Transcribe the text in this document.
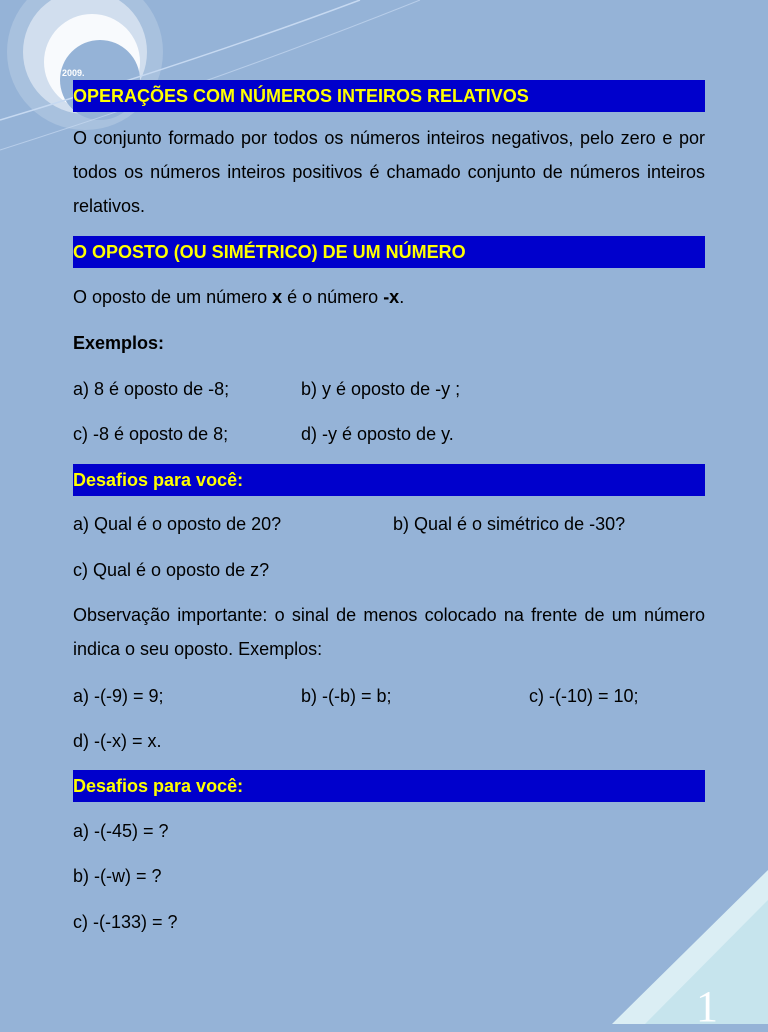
2009.
OPERAÇÕES COM NÚMEROS INTEIROS RELATIVOS

O conjunto formado por todos os números inteiros negativos, pelo zero e por todos os números inteiros positivos é chamado conjunto de números inteiros relativos.

O OPOSTO (OU SIMÉTRICO) DE UM NÚMERO
O oposto de um número x é o número -x.
Exemplos:
a) 8 é oposto de -8;	b) y é oposto de -y ;
c) -8 é oposto de 8;	d) -y é oposto de y.
Desafios para você:
a) Qual é o oposto de 20?	b) Qual é o simétrico de -30?
c) Qual é o oposto de z?

Observação importante: o sinal de menos colocado na frente de um número indica o seu oposto. Exemplos:

a) -(-9) = 9;	b) -(-b) = b;	c) -(-10) = 10;
d) -(-x) = x.
Desafios para você:
a) -(-45) = ?
b) -(-w) = ?
c) -(-133) = ?
1
